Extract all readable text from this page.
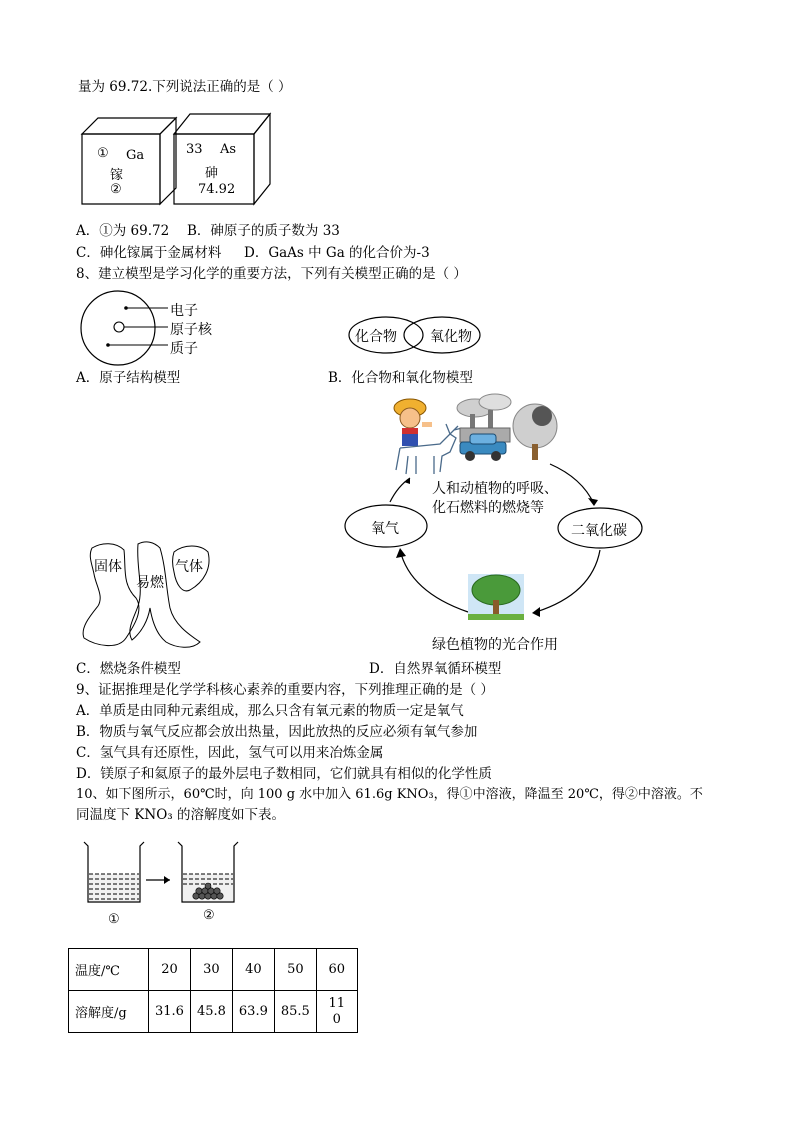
量为 69.72.下列说法正确的是（ ）
① Ga
镓
②
33 As
砷
74.92
A．①为 69.72 B．砷原子的质子数为 33
C．砷化镓属于金属材料 D．GaAs 中 Ga 的化合价为-3
8、建立模型是学习化学的重要方法，下列有关模型正确的是（ ）
电子
原子核
质子
化合物 氧化物
A．原子结构模型	B．化合物和氧化物模型
固体
易燃
气体
人和动植物的呼吸、
化石燃料的燃烧等
氧气	二氧化碳
绿色植物的光合作用
C．燃烧条件模型	D．自然界氧循环模型
9、证据推理是化学学科核心素养的重要内容，下列推理正确的是（ ）
A．单质是由同种元素组成，那么只含有氧元素的物质一定是氧气
B．物质与氧气反应都会放出热量，因此放热的反应必须有氧气参加
C．氢气具有还原性，因此，氢气可以用来冶炼金属
D．镁原子和氦原子的最外层电子数相同，它们就具有相似的化学性质
10、如下图所示，60℃时，向 100 g 水中加入 61.6g KNO₃，得①中溶液，降温至 20℃，得②中溶液。不
同温度下 KNO₃ 的溶解度如下表。
①	②
温度/℃	20	30	40	50	60
溶解度/g	31.6	45.8	63.9	85.5	11
0
